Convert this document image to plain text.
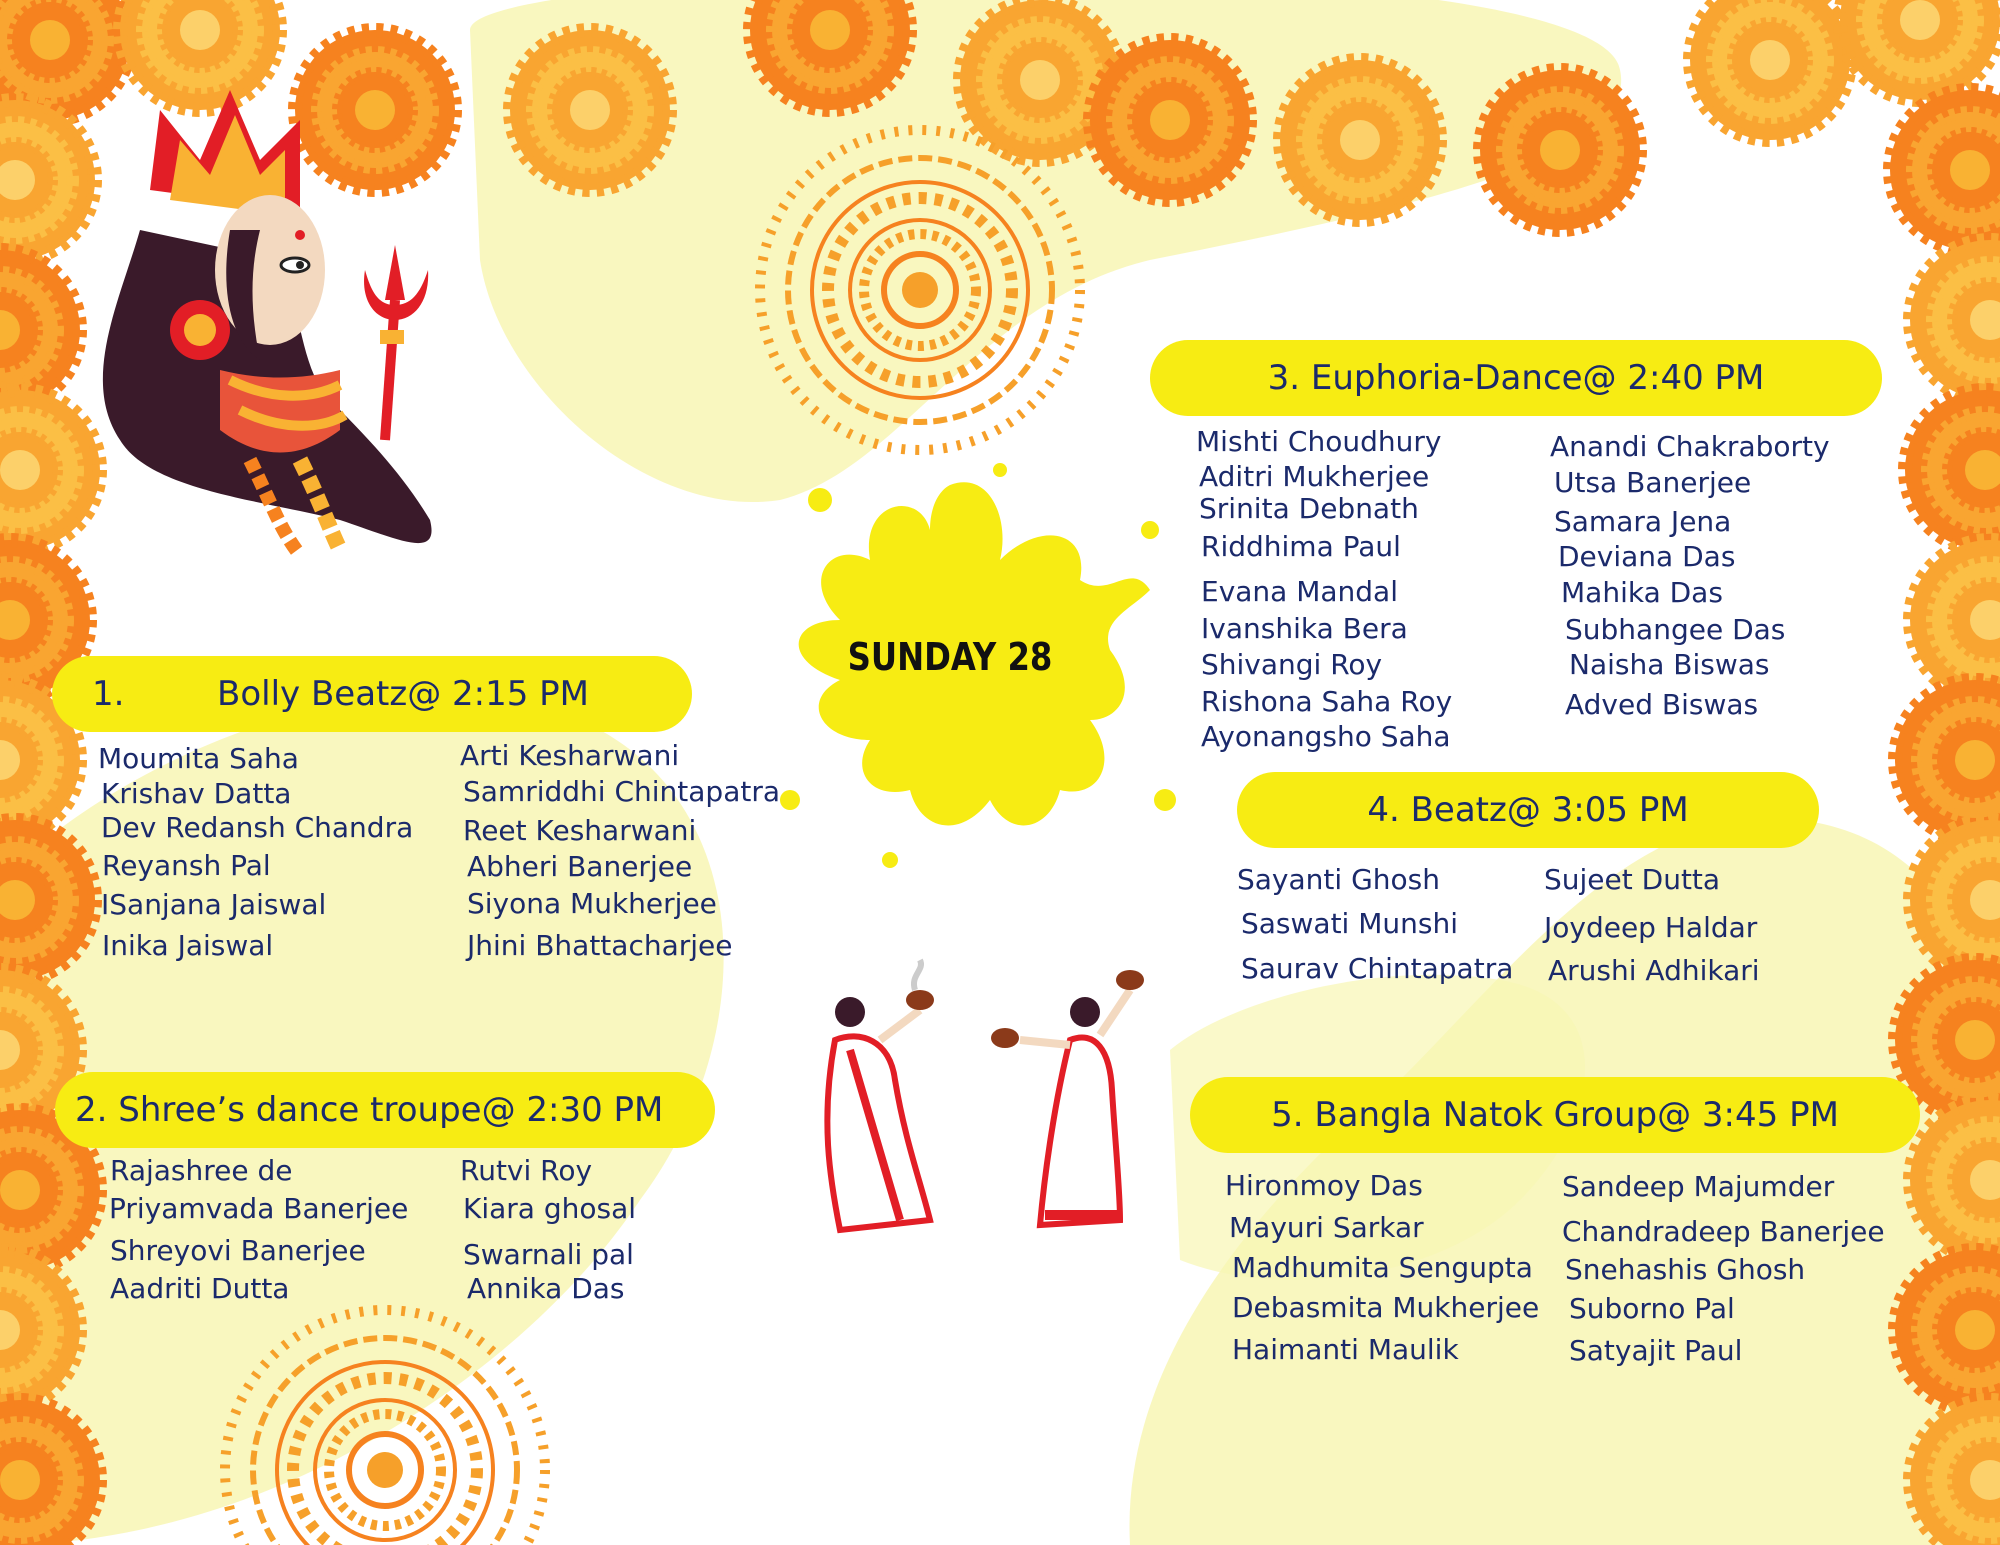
SUNDAY 28
1.	Bolly Beatz@ 2:15 PM
Moumita Saha
Krishav Datta
Dev Redansh Chandra
Reyansh Pal
ISanjana Jaiswal
Inika Jaiswal
Arti Kesharwani
Samriddhi Chintapatra
Reet Kesharwani
Abheri Banerjee
Siyona Mukherjee
Jhini Bhattacharjee
2. Shree’s dance troupe@ 2:30 PM
Rajashree de
Priyamvada Banerjee
Shreyovi Banerjee
Aadriti Dutta
Rutvi Roy
Kiara ghosal
Swarnali pal
Annika Das
3. Euphoria-Dance@ 2:40 PM
Mishti Choudhury
Aditri Mukherjee
Srinita Debnath
Riddhima Paul
Evana Mandal
Ivanshika Bera
Shivangi Roy
Rishona Saha Roy
Ayonangsho Saha
Anandi Chakraborty
Utsa Banerjee
Samara Jena
Deviana Das
Mahika Das
Subhangee Das
Naisha Biswas
Adved Biswas
4. Beatz@ 3:05 PM
Sayanti Ghosh
Saswati Munshi
Saurav Chintapatra
Sujeet Dutta
Joydeep Haldar
Arushi Adhikari
5. Bangla Natok Group@ 3:45 PM
Hironmoy Das
Mayuri Sarkar
Madhumita Sengupta
Debasmita Mukherjee
Haimanti Maulik
Sandeep Majumder
Chandradeep Banerjee
Snehashis Ghosh
Suborno Pal
Satyajit Paul
